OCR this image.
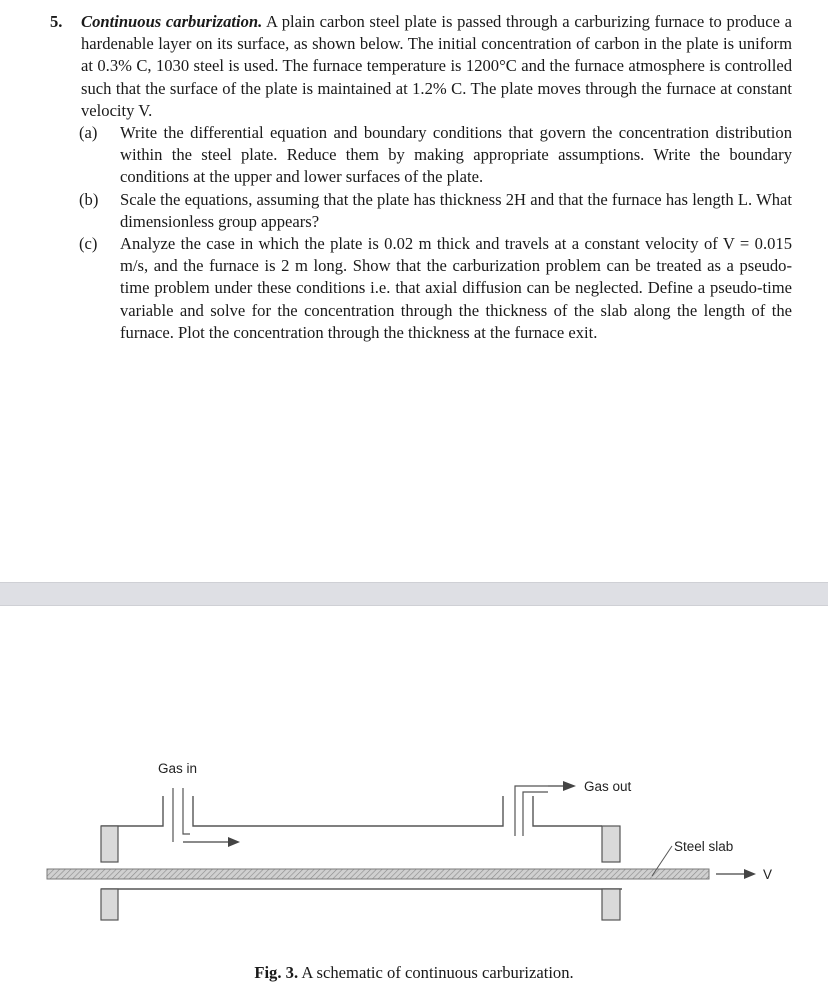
5. Continuous carburization. A plain carbon steel plate is passed through a carburizing furnace to produce a hardenable layer on its surface, as shown below. The initial concentration of carbon in the plate is uniform at 0.3% C, 1030 steel is used. The furnace temperature is 1200°C and the furnace atmosphere is controlled such that the surface of the plate is maintained at 1.2% C. The plate moves through the furnace at constant velocity V.
(a) Write the differential equation and boundary conditions that govern the concentration distribution within the steel plate. Reduce them by making appropriate assumptions. Write the boundary conditions at the upper and lower surfaces of the plate.
(b) Scale the equations, assuming that the plate has thickness 2H and that the furnace has length L. What dimensionless group appears?
(c) Analyze the case in which the plate is 0.02 m thick and travels at a constant velocity of V = 0.015 m/s, and the furnace is 2 m long. Show that the carburization problem can be treated as a pseudo-time problem under these conditions i.e. that axial diffusion can be neglected. Define a pseudo-time variable and solve for the concentration through the thickness of the slab along the length of the furnace. Plot the concentration through the thickness at the furnace exit.
Gas in
Gas out
Steel slab
V
Fig. 3. A schematic of continuous carburization.
